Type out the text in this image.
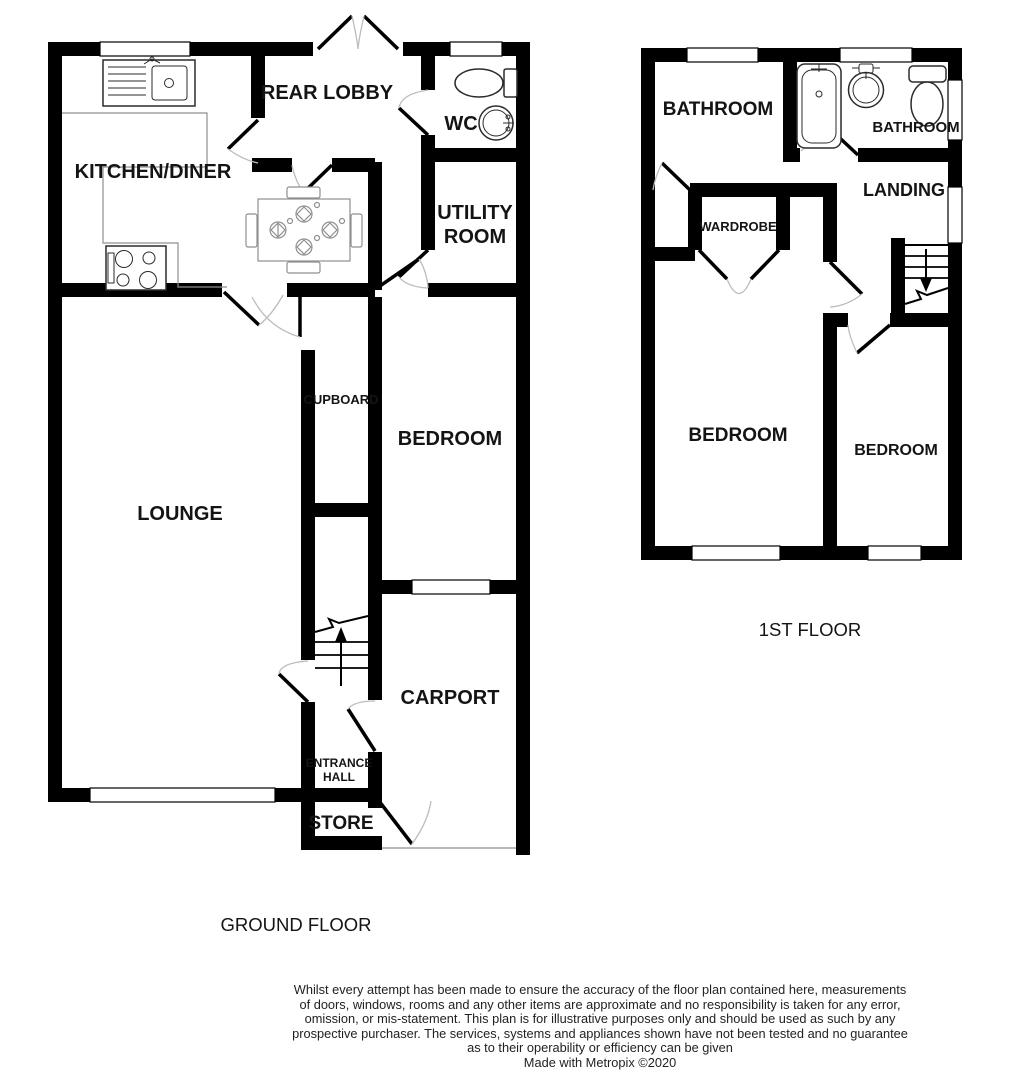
KITCHEN/DINER
REAR LOBBY
WC
UTILITY
ROOM
CUPBOARD
BEDROOM
LOUNGE
CARPORT
ENTRANCE
HALL
STORE
GROUND FLOOR
BATHROOM
BATHROOM
LANDING
WARDROBE
BEDROOM
BEDROOM
1ST FLOOR
Whilst every attempt has been made to ensure the accuracy of the floor plan contained here, measurements
of doors, windows, rooms and any other items are approximate and no responsibility is taken for any error,
omission, or mis-statement. This plan is for illustrative purposes only and should be used as such by any
prospective purchaser. The services, systems and appliances shown have not been tested and no guarantee
as to their operability or efficiency can be given
Made with Metropix ©2020
